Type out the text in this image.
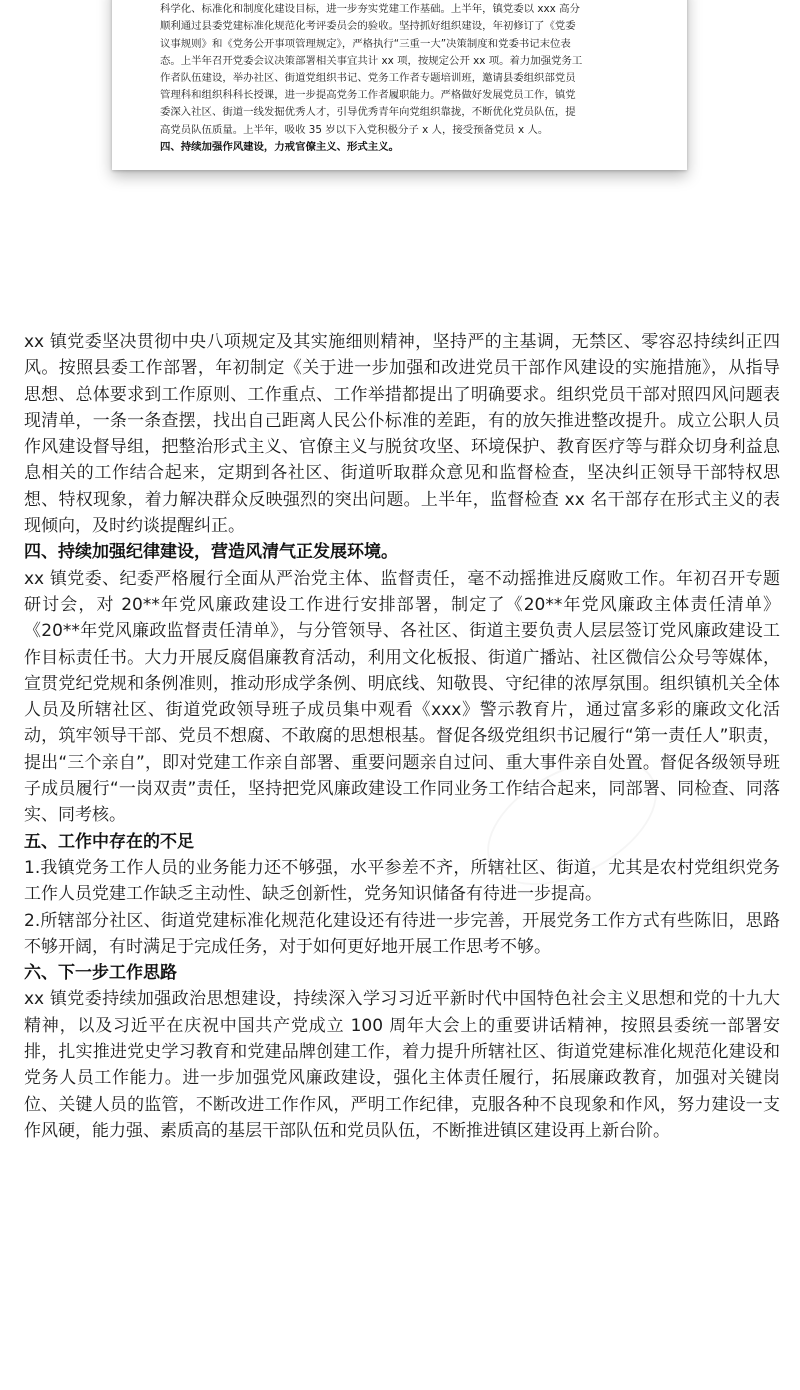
科学化、标准化和制度化建设目标，进一步夯实党建工作基础。上半年，镇党委以 xxx 高分

顺利通过县委党建标准化规范化考评委员会的验收。坚持抓好组织建设，年初修订了《党委

议事规则》和《党务公开事项管理规定》，严格执行“三重一大”决策制度和党委书记末位表

态。上半年召开党委会议决策部署相关事宜共计 xx 项，按规定公开 xx 项。着力加强党务工

作者队伍建设，举办社区、街道党组织书记、党务工作者专题培训班，邀请县委组织部党员

管理科和组织科科长授课，进一步提高党务工作者履职能力。严格做好发展党员工作，镇党

委深入社区、街道一线发掘优秀人才，引导优秀青年向党组织靠拢，不断优化党员队伍，提

高党员队伍质量。上半年，吸收 35 岁以下入党积极分子 x 人，接受预备党员 x 人。

四、持续加强作风建设，力戒官僚主义、形式主义。

xx 镇党委坚决贯彻中央八项规定及其实施细则精神，坚持严的主基调，无禁区、零容忍持续纠正四风。按照县委工作部署，年初制定《关于进一步加强和改进党员干部作风建设的实施措施》，从指导思想、总体要求到工作原则、工作重点、工作举措都提出了明确要求。组织党员干部对照四风问题表现清单，一条一条查摆，找出自己距离人民公仆标准的差距，有的放矢推进整改提升。成立公职人员作风建设督导组，把整治形式主义、官僚主义与脱贫攻坚、环境保护、教育医疗等与群众切身利益息息相关的工作结合起来，定期到各社区、街道听取群众意见和监督检查，坚决纠正领导干部特权思想、特权现象，着力解决群众反映强烈的突出问题。上半年，监督检查 xx 名干部存在形式主义的表现倾向，及时约谈提醒纠正。

四、持续加强纪律建设，营造风清气正发展环境。

xx 镇党委、纪委严格履行全面从严治党主体、监督责任，毫不动摇推进反腐败工作。年初召开专题研讨会，对 20**年党风廉政建设工作进行安排部署，制定了《20**年党风廉政主体责任清单》《20**年党风廉政监督责任清单》，与分管领导、各社区、街道主要负责人层层签订党风廉政建设工作目标责任书。大力开展反腐倡廉教育活动，利用文化板报、街道广播站、社区微信公众号等媒体，宣贯党纪党规和条例准则，推动形成学条例、明底线、知敬畏、守纪律的浓厚氛围。组织镇机关全体人员及所辖社区、街道党政领导班子成员集中观看《xxx》警示教育片，通过富多彩的廉政文化活动，筑牢领导干部、党员不想腐、不敢腐的思想根基。督促各级党组织书记履行“第一责任人”职责，提出“三个亲自”，即对党建工作亲自部署、重要问题亲自过问、重大事件亲自处置。督促各级领导班子成员履行“一岗双责”责任，坚持把党风廉政建设工作同业务工作结合起来，同部署、同检查、同落实、同考核。

五、工作中存在的不足

1.我镇党务工作人员的业务能力还不够强，水平参差不齐，所辖社区、街道，尤其是农村党组织党务工作人员党建工作缺乏主动性、缺乏创新性，党务知识储备有待进一步提高。

2.所辖部分社区、街道党建标准化规范化建设还有待进一步完善，开展党务工作方式有些陈旧，思路不够开阔，有时满足于完成任务，对于如何更好地开展工作思考不够。

六、下一步工作思路

xx 镇党委持续加强政治思想建设，持续深入学习习近平新时代中国特色社会主义思想和党的十九大精神，以及习近平在庆祝中国共产党成立 100 周年大会上的重要讲话精神，按照县委统一部署安排，扎实推进党史学习教育和党建品牌创建工作，着力提升所辖社区、街道党建标准化规范化建设和党务人员工作能力。进一步加强党风廉政建设，强化主体责任履行，拓展廉政教育，加强对关键岗位、关键人员的监管，不断改进工作作风，严明工作纪律，克服各种不良现象和作风，努力建设一支作风硬，能力强、素质高的基层干部队伍和党员队伍，不断推进镇区建设再上新台阶。
